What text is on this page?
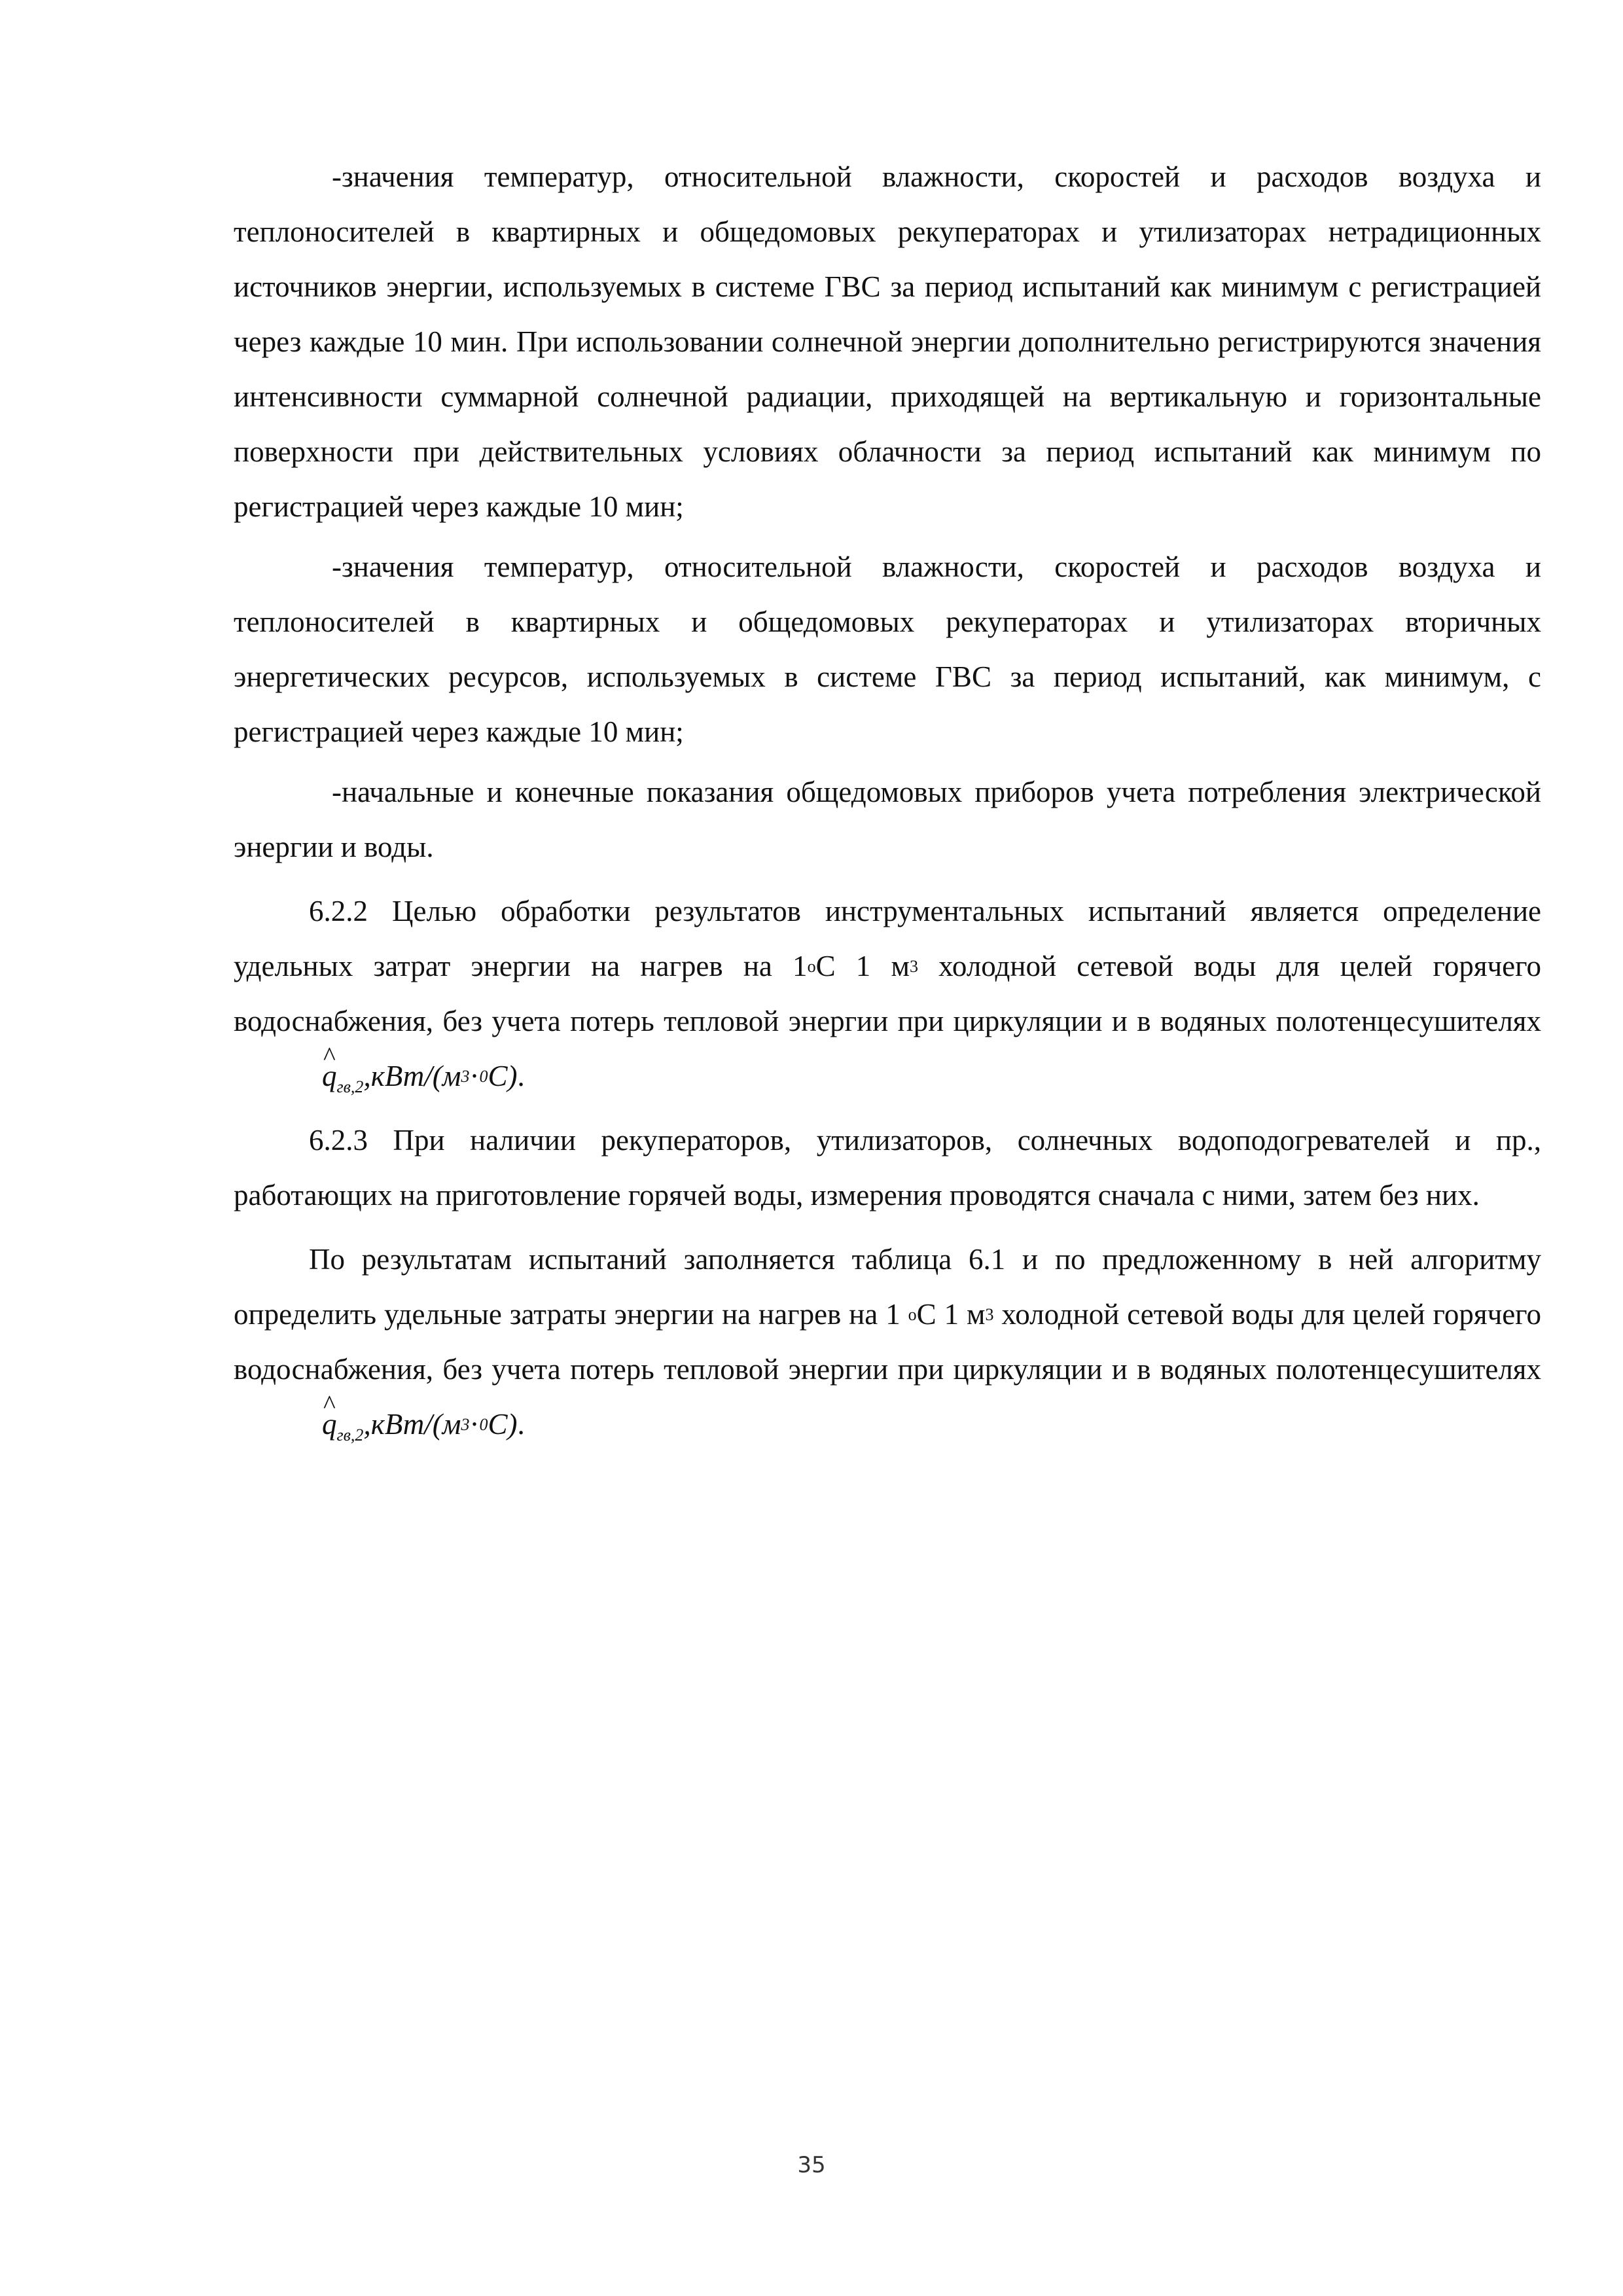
-значения температур, относительной влажности, скоростей и расходов воздуха и теплоносителей в квартирных и общедомовых рекуператорах и утилизаторах нетрадиционных источников энергии, используемых в системе ГВС за период испытаний как минимум с регистрацией через каждые 10 мин. При использовании солнечной энергии дополнительно регистрируются значения интенсивности суммарной солнечной радиации, приходящей на вертикальную и горизонтальные поверхности при действительных условиях облачности за период испытаний как минимум по регистрацией через каждые 10 мин;

-значения температур, относительной влажности, скоростей и расходов воздуха и теплоносителей в квартирных и общедомовых рекуператорах и утилизаторах вторичных энергетических ресурсов, используемых в системе ГВС за период испытаний, как минимум, с регистрацией через каждые 10 мин;

-начальные и конечные показания общедомовых приборов учета потребления электрической энергии и воды.

6.2.2 Целью обработки результатов инструментальных испытаний является определение удельных затрат энергии на нагрев на $1^оС$ 1 $м^3$ холодной сетевой воды для целей горячего водоснабжения, без учета потерь тепловой энергии при циркуляции и в водяных полотенцесушителях^ $q_{гв,2},кВт/(м^3\cdot^0С)$.

6.2.3 При наличии рекуператоров, утилизаторов, солнечных водоподогревателей и пр., работающих на приготовление горячей воды, измерения проводятся сначала с ними, затем без них.

По результатам испытаний заполняется таблица 6.1 и по предложенному в ней алгоритму определить удельные затраты энергии на нагрев на 1 $^о$С 1 $м^3$ холодной сетевой воды для целей горячего водоснабжения, без учета потерь тепловой энергии при циркуляции и в водяных полотенцесушителях^ $q_{гв,2},кВт/(м^3\cdot^0С)$.

35
